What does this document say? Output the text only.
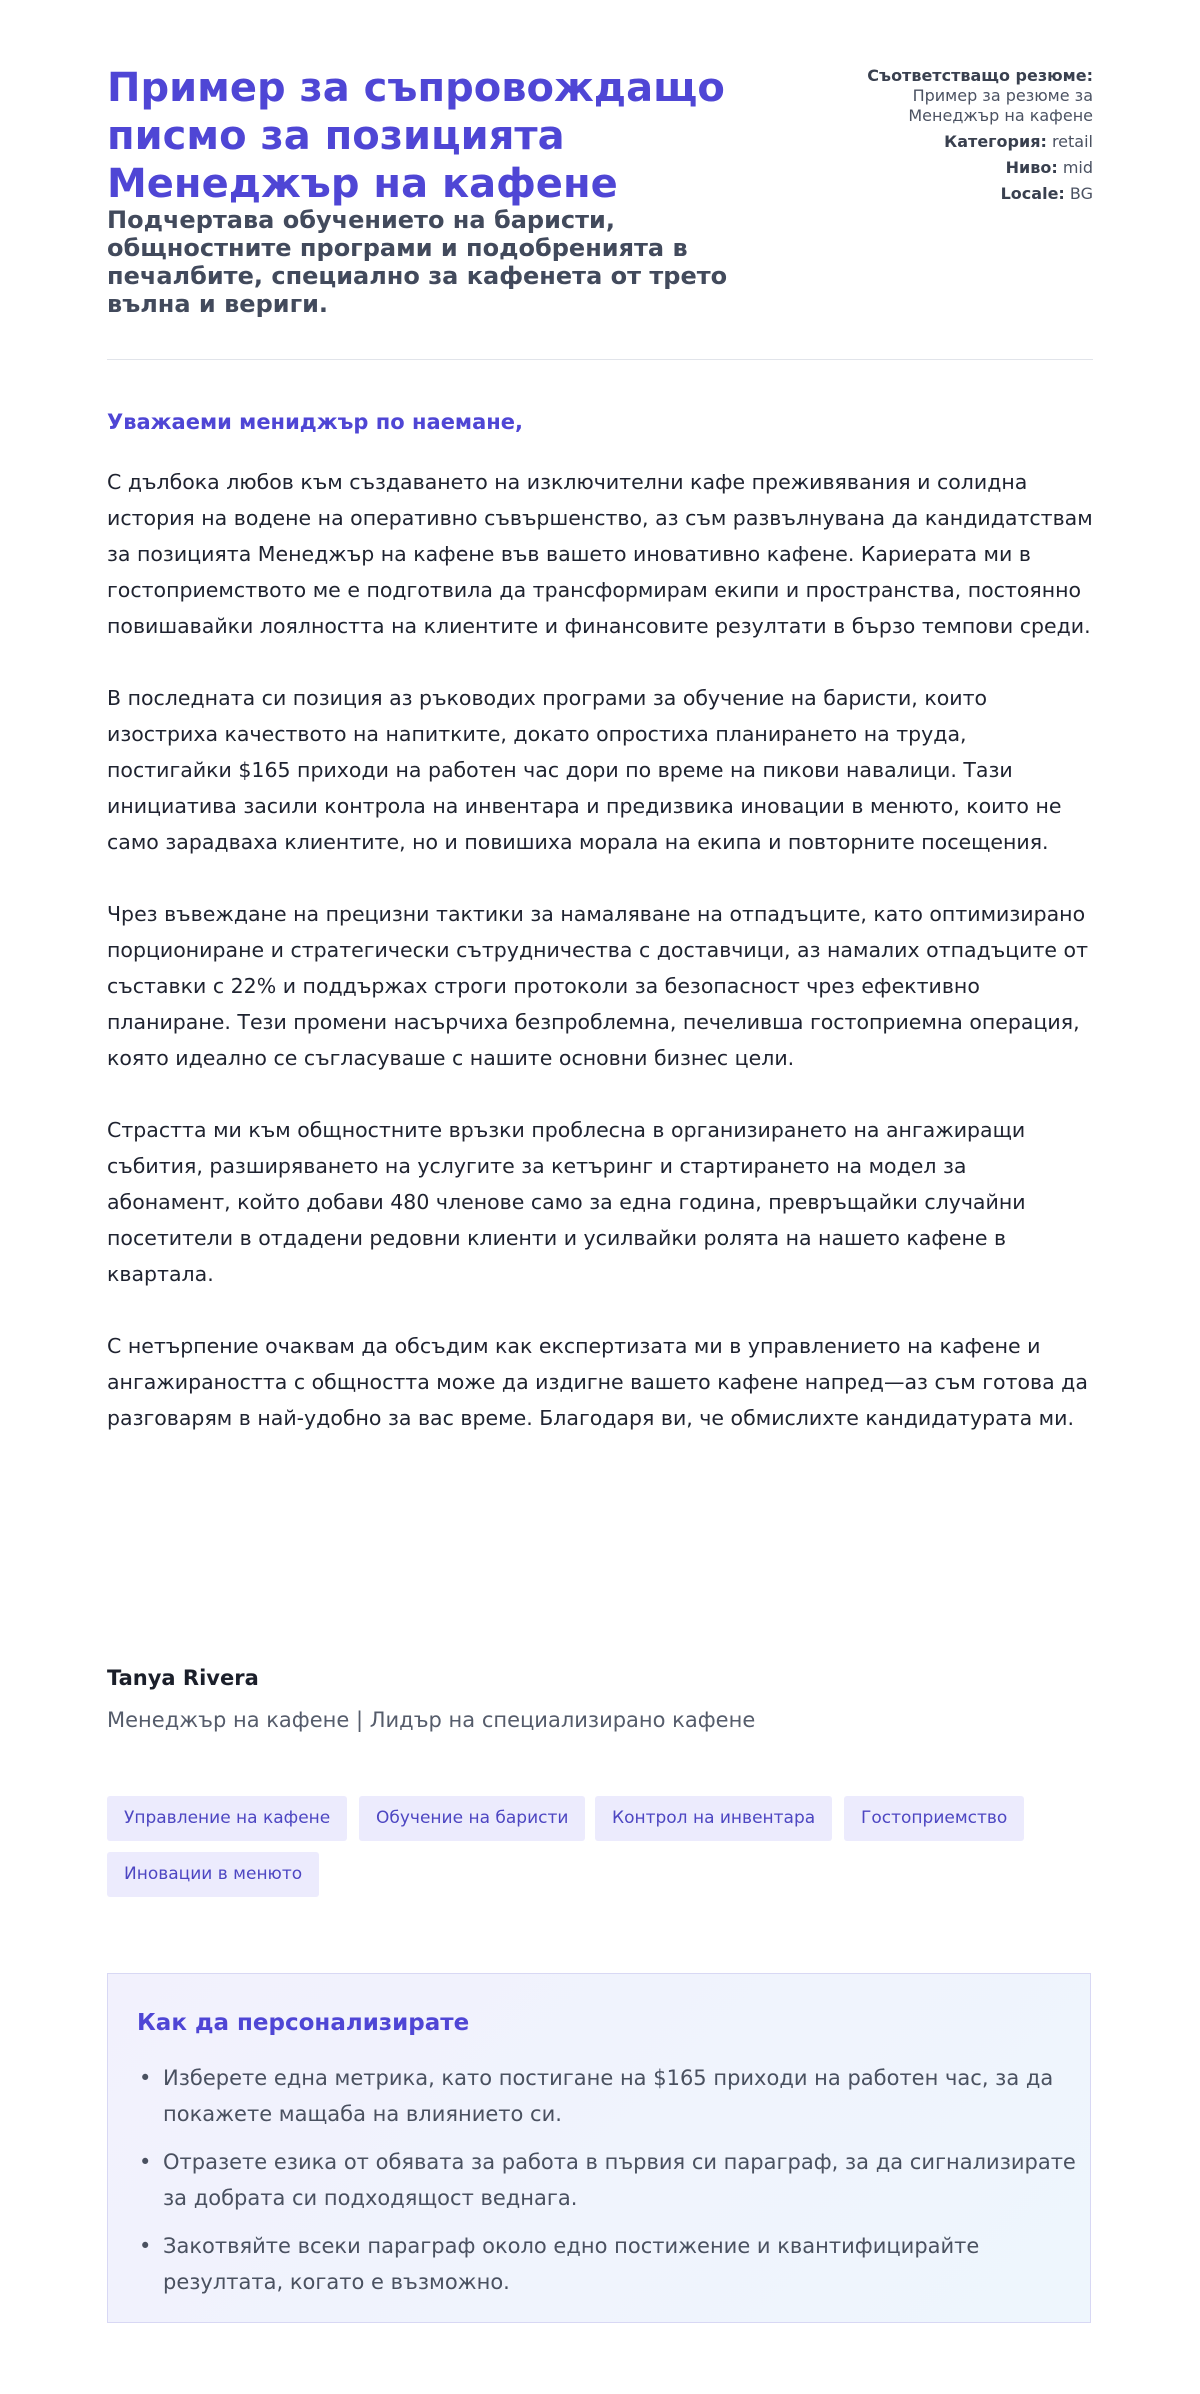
Пример за съпровождащо писмо за позицията Менеджър на кафене
Подчертава обучението на баристи, общностните програми и подобренията в печалбите, специално за кафенета от трето вълна и вериги.
Съответстващо резюме: Пример за резюме за Менеджър на кафене
Категория: retail
Ниво: mid
Locale: BG
Уважаеми мениджър по наемане,

С дълбока любов към създаването на изключителни кафе преживявания и солидна история на водене на оперативно съвършенство, аз съм развълнувана да кандидатствам за позицията Менеджър на кафене във вашето иновативно кафене. Кариерата ми в гостоприемството ме е подготвила да трансформирам екипи и пространства, постоянно повишавайки лоялността на клиентите и финансовите резултати в бързо темпови среди.

В последната си позиция аз ръководих програми за обучение на баристи, които изостриха качеството на напитките, докато опростиха планирането на труда, постигайки $165 приходи на работен час дори по време на пикови навалици. Тази инициатива засили контрола на инвентара и предизвика иновации в менюто, които не само зарадваха клиентите, но и повишиха морала на екипа и повторните посещения.

Чрез въвеждане на прецизни тактики за намаляване на отпадъците, като оптимизирано порциониране и стратегически сътрудничества с доставчици, аз намалих отпадъците от съставки с 22% и поддържах строги протоколи за безопасност чрез ефективно планиране. Тези промени насърчиха безпроблемна, печеливша гостоприемна операция, която идеално се съгласуваше с нашите основни бизнес цели.

Страстта ми към общностните връзки проблесна в организирането на ангажиращи събития, разширяването на услугите за кетъринг и стартирането на модел за абонамент, който добави 480 членове само за една година, превръщайки случайни посетители в отдадени редовни клиенти и усилвайки ролята на нашето кафене в квартала.

С нетърпение очаквам да обсъдим как експертизата ми в управлението на кафене и ангажираността с общността може да издигне вашето кафене напред—аз съм готова да разговарям в най-удобно за вас време. Благодаря ви, че обмислихте кандидатурата ми.

Tanya Rivera

Менеджър на кафене | Лидър на специализирано кафене

Управление на кафене	Обучение на баристи	Контрол на инвентара	Гостоприемство
Иновации в менюто
Как да персонализирате
• Изберете една метрика, като постигане на $165 приходи на работен час, за да покажете мащаба на влиянието си.
• Отразете езика от обявата за работа в първия си параграф, за да сигнализирате за добрата си подходящост веднага.
• Закотвяйте всеки параграф около едно постижение и квантифицирайте резултата, когато е възможно.
